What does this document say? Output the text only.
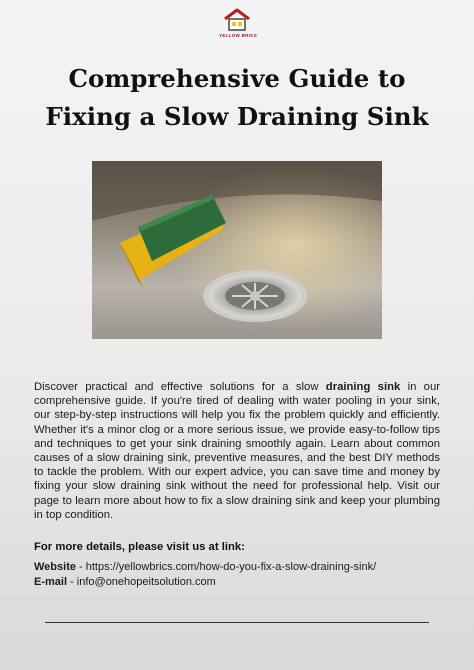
YELLOW BRICS
Comprehensive Guide to
Fixing a Slow Draining Sink
Discover practical and effective solutions for a slow draining sink in our comprehensive guide. If you're tired of dealing with water pooling in your sink, our step-by-step instructions will help you fix the problem quickly and efficiently. Whether it's a minor clog or a more serious issue, we provide easy-to-follow tips and techniques to get your sink draining smoothly again. Learn about common causes of a slow draining sink, preventive measures, and the best DIY methods to tackle the problem. With our expert advice, you can save time and money by fixing your slow draining sink without the need for professional help. Visit our page to learn more about how to fix a slow draining sink and keep your plumbing in top condition.
For more details, please visit us at link:
Website - https://yellowbrics.com/how-do-you-fix-a-slow-draining-sink/
E-mail - info@onehopeitsolution.com
